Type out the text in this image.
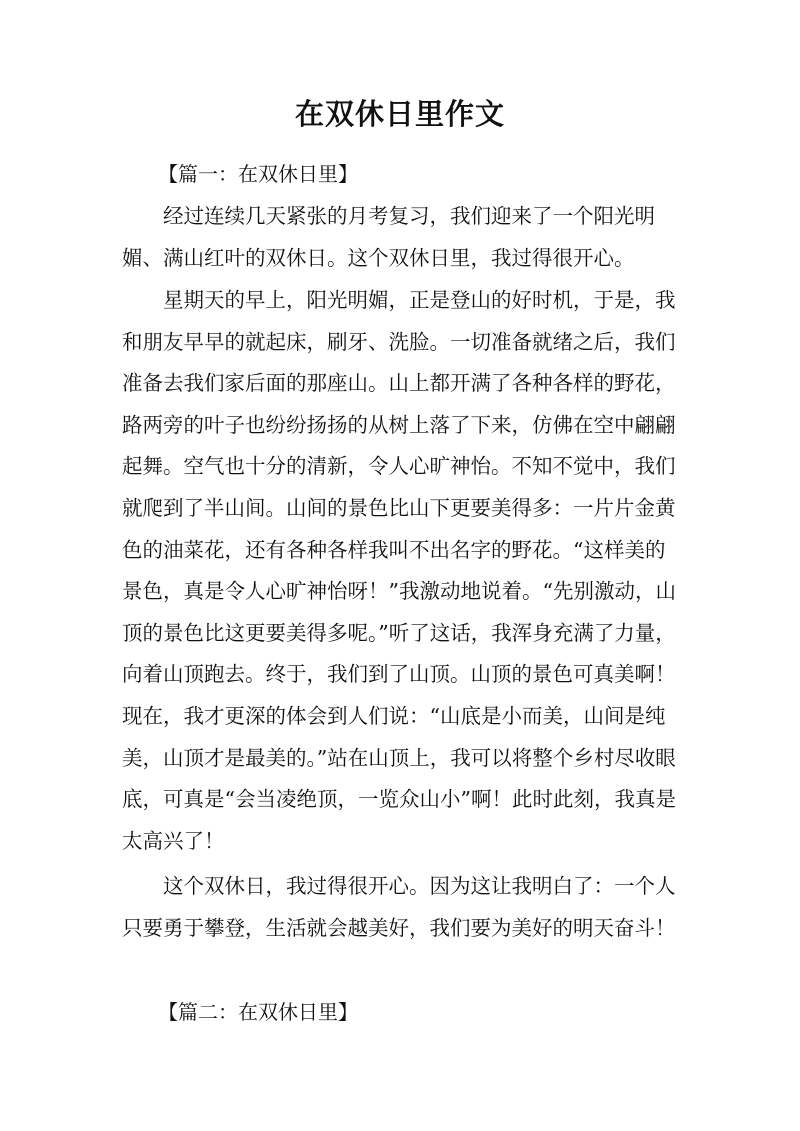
在双休日里作文

【篇一：在双休日里】

经过连续几天紧张的月考复习，我们迎来了一个阳光明媚、满山红叶的双休日。这个双休日里，我过得很开心。

星期天的早上，阳光明媚，正是登山的好时机，于是，我和朋友早早的就起床，刷牙、洗脸。一切准备就绪之后，我们准备去我们家后面的那座山。山上都开满了各种各样的野花，路两旁的叶子也纷纷扬扬的从树上落了下来，仿佛在空中翩翩起舞。空气也十分的清新，令人心旷神怡。不知不觉中，我们就爬到了半山间。山间的景色比山下更要美得多：一片片金黄色的油菜花，还有各种各样我叫不出名字的野花。“这样美的景色，真是令人心旷神怡呀！”我激动地说着。“先别激动，山顶的景色比这更要美得多呢。”听了这话，我浑身充满了力量，向着山顶跑去。终于，我们到了山顶。山顶的景色可真美啊！现在，我才更深的体会到人们说：“山底是小而美，山间是纯美，山顶才是最美的。”站在山顶上，我可以将整个乡村尽收眼底，可真是“会当凌绝顶，一览众山小”啊！此时此刻，我真是太高兴了！

这个双休日，我过得很开心。因为这让我明白了：一个人只要勇于攀登，生活就会越美好，我们要为美好的明天奋斗！

【篇二：在双休日里】
